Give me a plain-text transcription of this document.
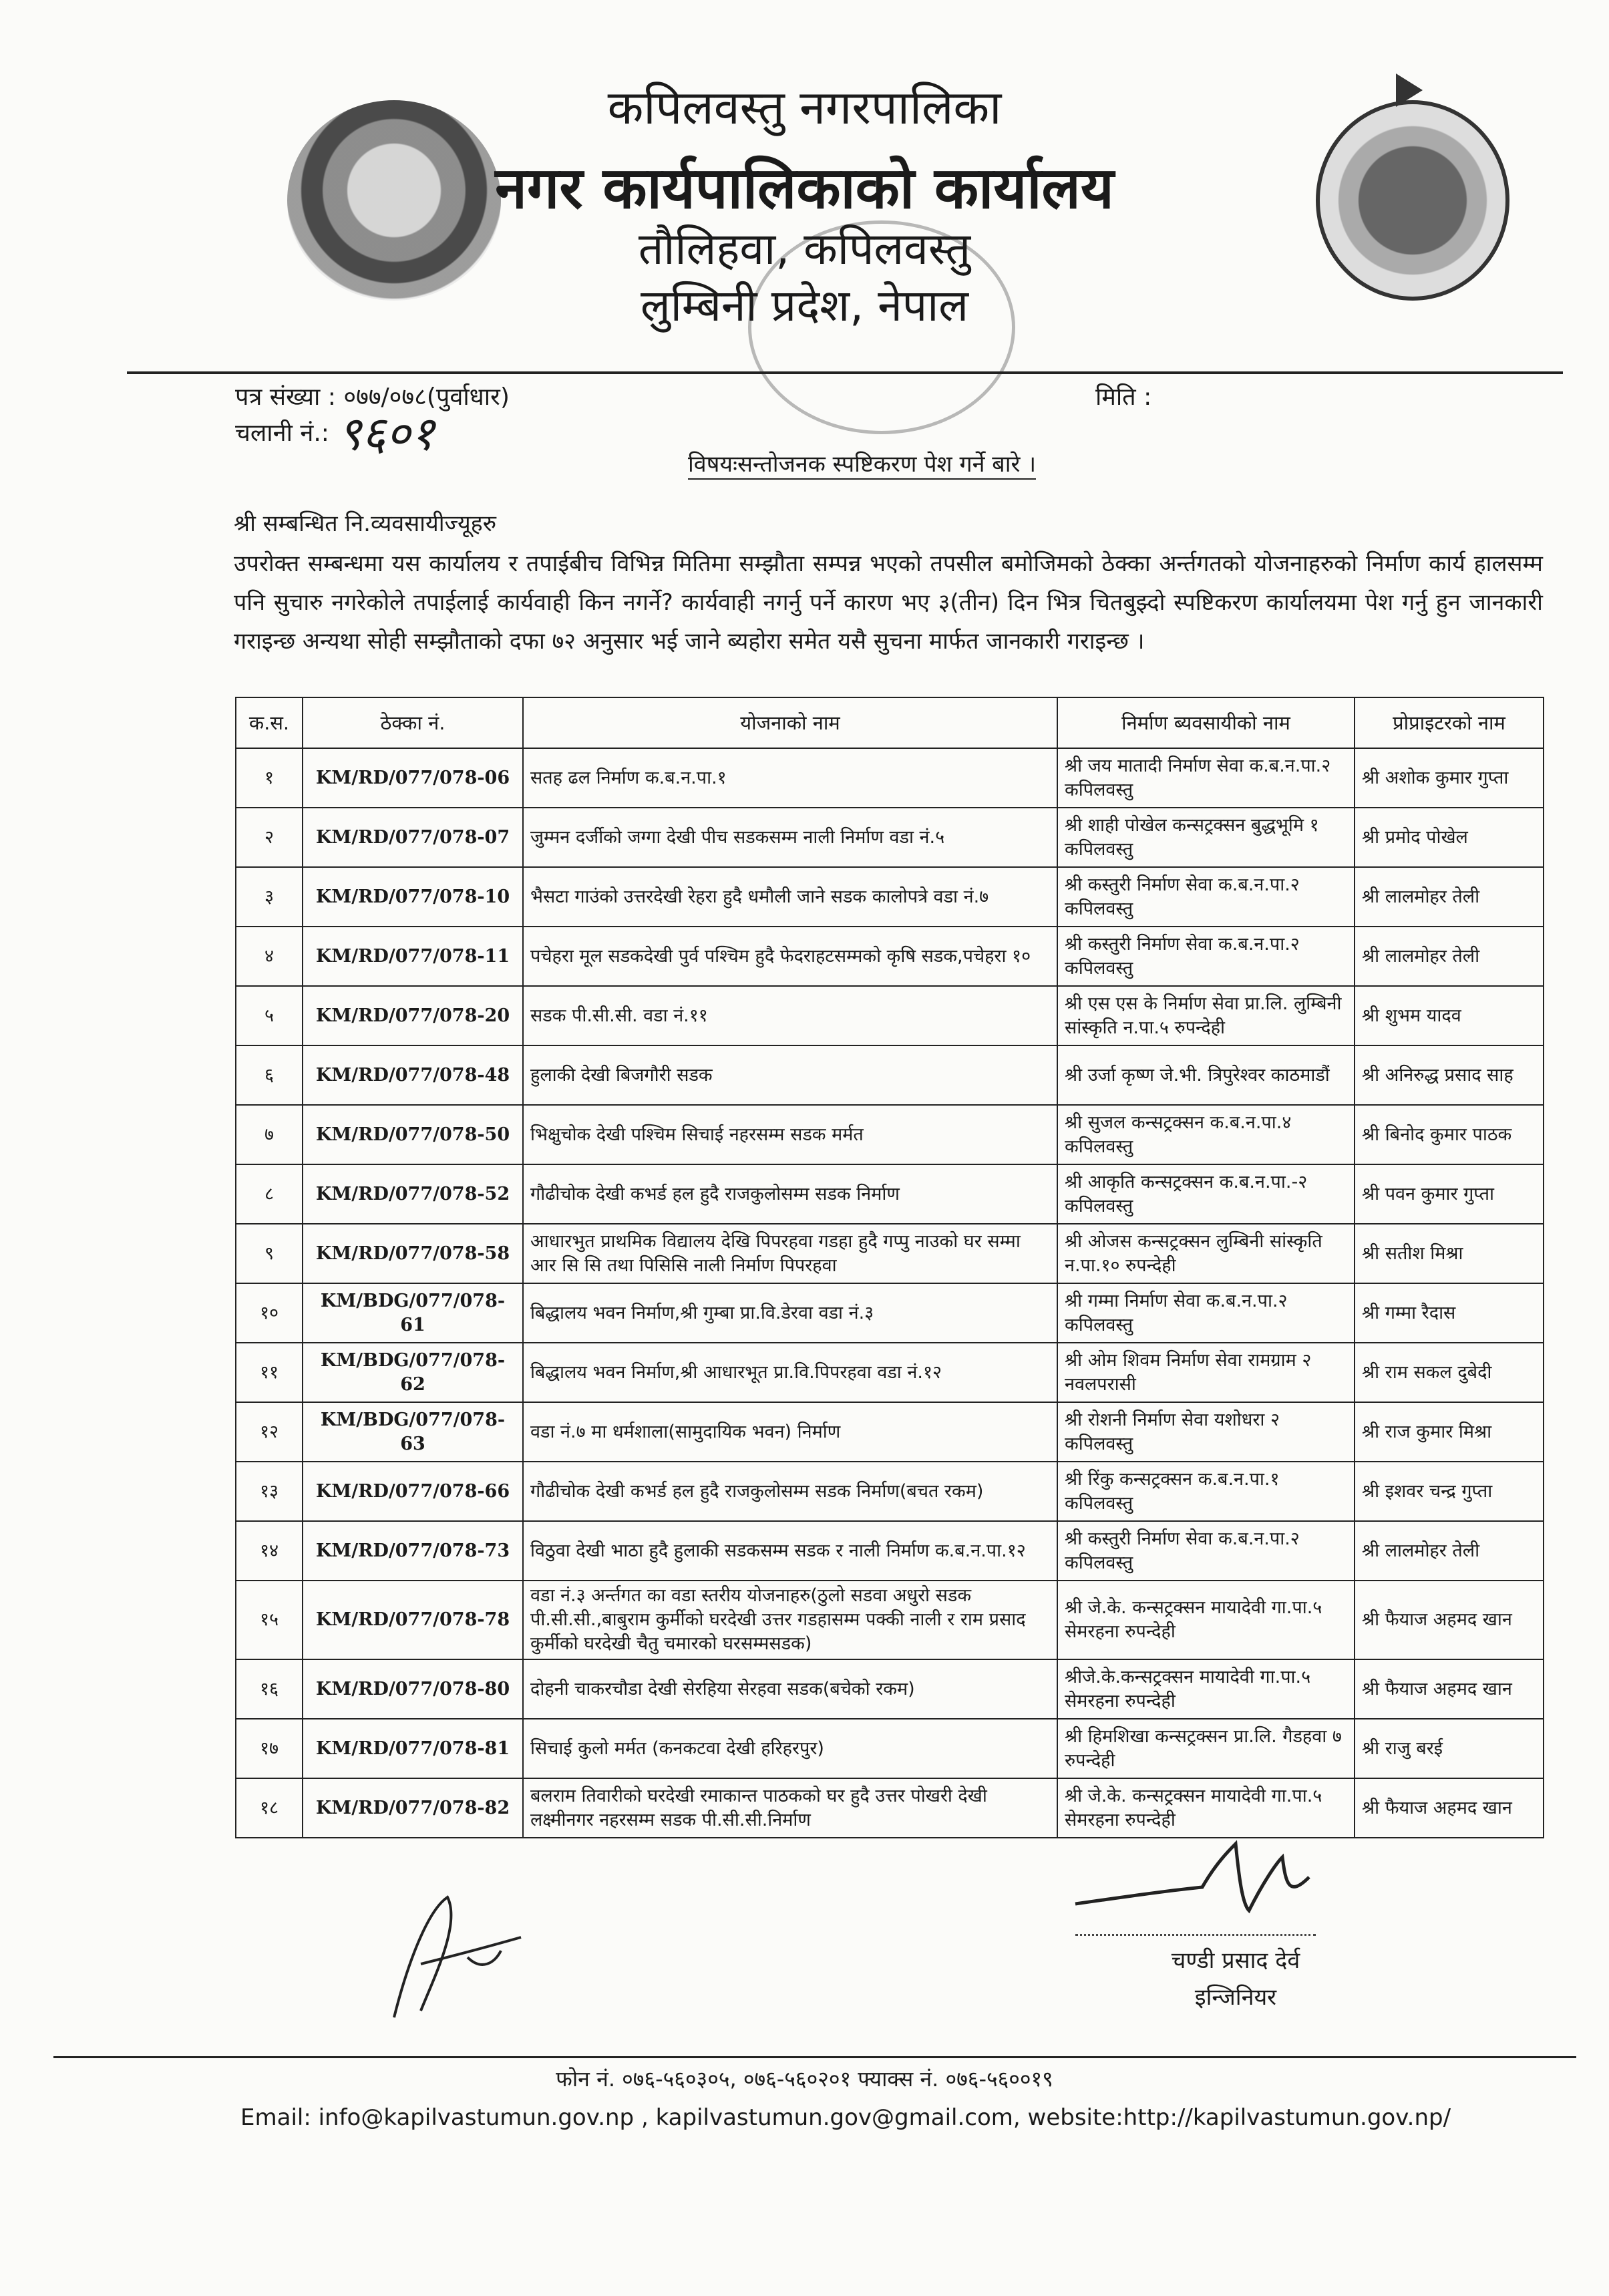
कपिलवस्तु नगरपालिका
नगर कार्यपालिकाको कार्यालय
तौलिहवा, कपिलवस्तु
लुम्बिनी प्रदेश, नेपाल
पत्र संख्या : ०७७/०७८(पुर्वाधार)	मिति :
चलानी नं.: ९६०१
विषयःसन्तोजनक स्पष्टिकरण पेश गर्ने बारे ।
श्री सम्बन्धित नि.व्यवसायीज्यूहरु
उपरोक्त सम्बन्धमा यस कार्यालय र तपाईबीच विभिन्न मितिमा सम्झौता सम्पन्न भएको तपसील बमोजिमको ठेक्का अर्न्तगतको योजनाहरुको निर्माण कार्य हालसम्म पनि सुचारु नगरेकोले तपाईलाई कार्यवाही किन नगर्ने? कार्यवाही नगर्नु पर्ने कारण भए ३(तीन) दिन भित्र चितबुझ्दो स्पष्टिकरण कार्यालयमा पेश गर्नु हुन जानकारी गराइन्छ अन्यथा सोही सम्झौताको दफा ७२ अनुसार भई जाने ब्यहोरा समेत यसै सुचना मार्फत जानकारी गराइन्छ ।
क.स.	ठेक्का नं.	योजनाको नाम	निर्माण ब्यवसायीको नाम	प्रोप्राइटरको नाम
१	KM/RD/077/078-06	सतह ढल निर्माण क.ब.न.पा.१	श्री जय मातादी निर्माण सेवा क.ब.न.पा.२ कपिलवस्तु	श्री अशोक कुमार गुप्ता
२	KM/RD/077/078-07	जुम्मन दर्जीको जग्गा देखी पीच सडकसम्म नाली निर्माण वडा नं.५	श्री शाही पोखेल कन्सट्रक्सन बुद्धभूमि १ कपिलवस्तु	श्री प्रमोद पोखेल
३	KM/RD/077/078-10	भैसटा गाउंको उत्तरदेखी रेहरा हुदै धमौली जाने सडक कालोपत्रे वडा नं.७	श्री कस्तुरी निर्माण सेवा क.ब.न.पा.२ कपिलवस्तु	श्री लालमोहर तेली
४	KM/RD/077/078-11	पचेहरा मूल सडकदेखी पुर्व पश्चिम हुदै फेदराहटसम्मको कृषि सडक,पचेहरा १०	श्री कस्तुरी निर्माण सेवा क.ब.न.पा.२ कपिलवस्तु	श्री लालमोहर तेली
५	KM/RD/077/078-20	सडक पी.सी.सी. वडा नं.११	श्री एस एस के निर्माण सेवा प्रा.लि. लुम्बिनी सांस्कृति न.पा.५ रुपन्देही	श्री शुभम यादव
६	KM/RD/077/078-48	हुलाकी देखी बिजगौरी सडक	श्री उर्जा कृष्ण जे.भी. त्रिपुरेश्वर काठमाडौं	श्री अनिरुद्ध प्रसाद साह
७	KM/RD/077/078-50	भिक्षुचोक देखी पश्चिम सिचाई नहरसम्म सडक मर्मत	श्री सुजल कन्सट्रक्सन क.ब.न.पा.४ कपिलवस्तु	श्री बिनोद कुमार पाठक
८	KM/RD/077/078-52	गौढीचोक देखी कभर्ड हल हुदै राजकुलोसम्म सडक निर्माण	श्री आकृति कन्सट्रक्सन क.ब.न.पा.-२ कपिलवस्तु	श्री पवन कुमार गुप्ता
९	KM/RD/077/078-58	आधारभुत प्राथमिक विद्यालय देखि पिपरहवा गडहा हुदै गप्पु नाउको घर सम्मा आर सि सि तथा पिसिसि नाली निर्माण पिपरहवा	श्री ओजस कन्सट्रक्सन लुम्बिनी सांस्कृति न.पा.१० रुपन्देही	श्री सतीश मिश्रा
१०	KM/BDG/077/078-61	बिद्धालय भवन निर्माण,श्री गुम्बा प्रा.वि.डेरवा वडा नं.३	श्री गम्मा निर्माण सेवा क.ब.न.पा.२ कपिलवस्तु	श्री गम्मा रैदास
११	KM/BDG/077/078-62	बिद्धालय भवन निर्माण,श्री आधारभूत प्रा.वि.पिपरहवा वडा नं.१२	श्री ओम शिवम निर्माण सेवा रामग्राम २ नवलपरासी	श्री राम सकल दुबेदी
१२	KM/BDG/077/078-63	वडा नं.७ मा धर्मशाला(सामुदायिक भवन) निर्माण	श्री रोशनी निर्माण सेवा यशोधरा २ कपिलवस्तु	श्री राज कुमार मिश्रा
१३	KM/RD/077/078-66	गौढीचोक देखी कभर्ड हल हुदै राजकुलोसम्म सडक निर्माण(बचत रकम)	श्री रिंकु कन्सट्रक्सन क.ब.न.पा.१ कपिलवस्तु	श्री इशवर चन्द्र गुप्ता
१४	KM/RD/077/078-73	विठुवा देखी भाठा हुदै हुलाकी सडकसम्म सडक र नाली निर्माण क.ब.न.पा.१२	श्री कस्तुरी निर्माण सेवा क.ब.न.पा.२ कपिलवस्तु	श्री लालमोहर तेली
१५	KM/RD/077/078-78	वडा नं.३ अर्न्तगत का वडा स्तरीय योजनाहरु(ठुलो सडवा अधुरो सडक पी.सी.सी.,बाबुराम कुर्मीको घरदेखी उत्तर गडहासम्म पक्की नाली र राम प्रसाद कुर्मीको घरदेखी चैतु चमारको घरसम्मसडक)	श्री जे.के. कन्सट्रक्सन मायादेवी गा.पा.५ सेमरहना रुपन्देही	श्री फैयाज अहमद खान
१६	KM/RD/077/078-80	दोहनी चाकरचौडा देखी सेरहिया सेरहवा सडक(बचेको रकम)	श्रीजे.के.कन्सट्रक्सन मायादेवी गा.पा.५ सेमरहना रुपन्देही	श्री फैयाज अहमद खान
१७	KM/RD/077/078-81	सिचाई कुलो मर्मत (कनकटवा देखी हरिहरपुर)	श्री हिमशिखा कन्सट्रक्सन प्रा.लि. गैडहवा ७ रुपन्देही	श्री राजु बरई
१८	KM/RD/077/078-82	बलराम तिवारीको घरदेखी रमाकान्त पाठकको घर हुदै उत्तर पोखरी देखी लक्ष्मीनगर नहरसम्म सडक पी.सी.सी.निर्माण	श्री जे.के. कन्सट्रक्सन मायादेवी गा.पा.५ सेमरहना रुपन्देही	श्री फैयाज अहमद खान
चण्डी प्रसाद देर्व
इन्जिनियर
फोन नं. ०७६-५६०३०५, ०७६-५६०२०१ फ्याक्स नं. ०७६-५६००१९
Email: info@kapilvastumun.gov.np , kapilvastumun.gov@gmail.com, website:http://kapilvastumun.gov.np/
